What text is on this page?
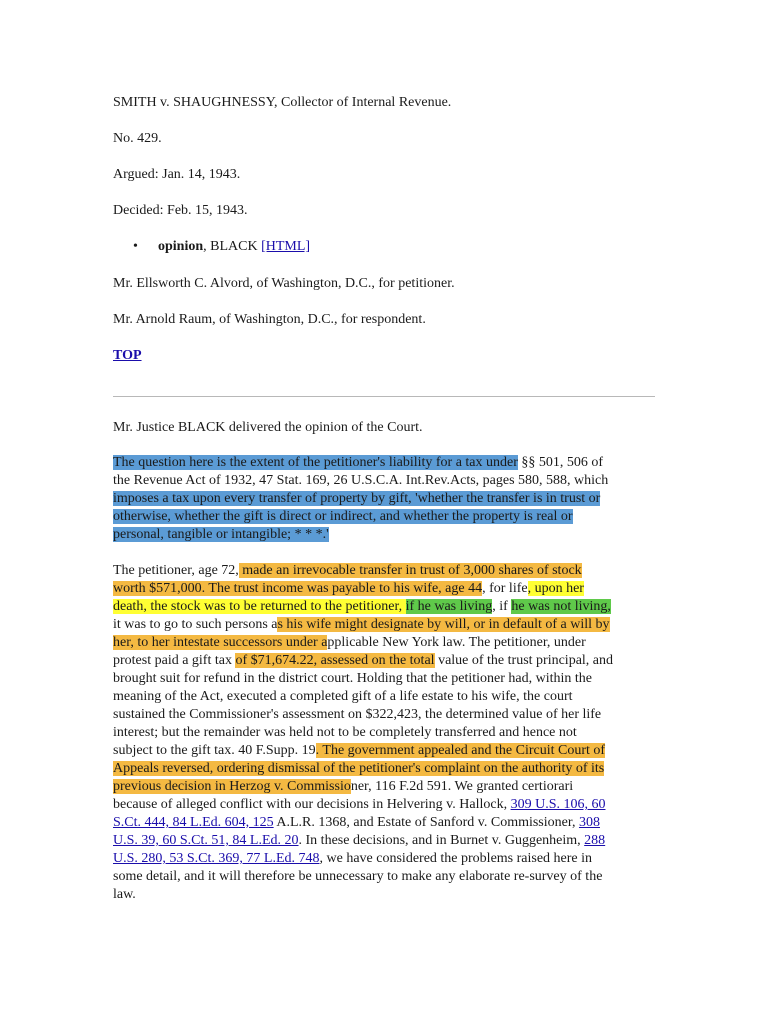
SMITH v. SHAUGHNESSY, Collector of Internal Revenue.
No. 429.
Argued: Jan. 14, 1943.
Decided: Feb. 15, 1943.
• opinion, BLACK [HTML]
Mr. Ellsworth C. Alvord, of Washington, D.C., for petitioner.
Mr. Arnold Raum, of Washington, D.C., for respondent.
TOP
Mr. Justice BLACK delivered the opinion of the Court.
The question here is the extent of the petitioner's liability for a tax under §§ 501, 506 of
the Revenue Act of 1932, 47 Stat. 169, 26 U.S.C.A. Int.Rev.Acts, pages 580, 588, which
imposes a tax upon every transfer of property by gift, 'whether the transfer is in trust or
otherwise, whether the gift is direct or indirect, and whether the property is real or
personal, tangible or intangible; * * *.'
The petitioner, age 72, made an irrevocable transfer in trust of 3,000 shares of stock
worth $571,000. The trust income was payable to his wife, age 44, for life, upon her
death, the stock was to be returned to the petitioner, if he was living, if he was not living,
it was to go to such persons as his wife might designate by will, or in default of a will by
her, to her intestate successors under applicable New York law. The petitioner, under
protest paid a gift tax of $71,674.22, assessed on the total value of the trust principal, and
brought suit for refund in the district court. Holding that the petitioner had, within the
meaning of the Act, executed a completed gift of a life estate to his wife, the court
sustained the Commissioner's assessment on $322,423, the determined value of her life
interest; but the remainder was held not to be completely transferred and hence not
subject to the gift tax. 40 F.Supp. 19. The government appealed and the Circuit Court of
Appeals reversed, ordering dismissal of the petitioner's complaint on the authority of its
previous decision in Herzog v. Commissioner, 116 F.2d 591. We granted certiorari
because of alleged conflict with our decisions in Helvering v. Hallock, 309 U.S. 106, 60
S.Ct. 444, 84 L.Ed. 604, 125 A.L.R. 1368, and Estate of Sanford v. Commissioner, 308
U.S. 39, 60 S.Ct. 51, 84 L.Ed. 20. In these decisions, and in Burnet v. Guggenheim, 288
U.S. 280, 53 S.Ct. 369, 77 L.Ed. 748, we have considered the problems raised here in
some detail, and it will therefore be unnecessary to make any elaborate re-survey of the
law.
